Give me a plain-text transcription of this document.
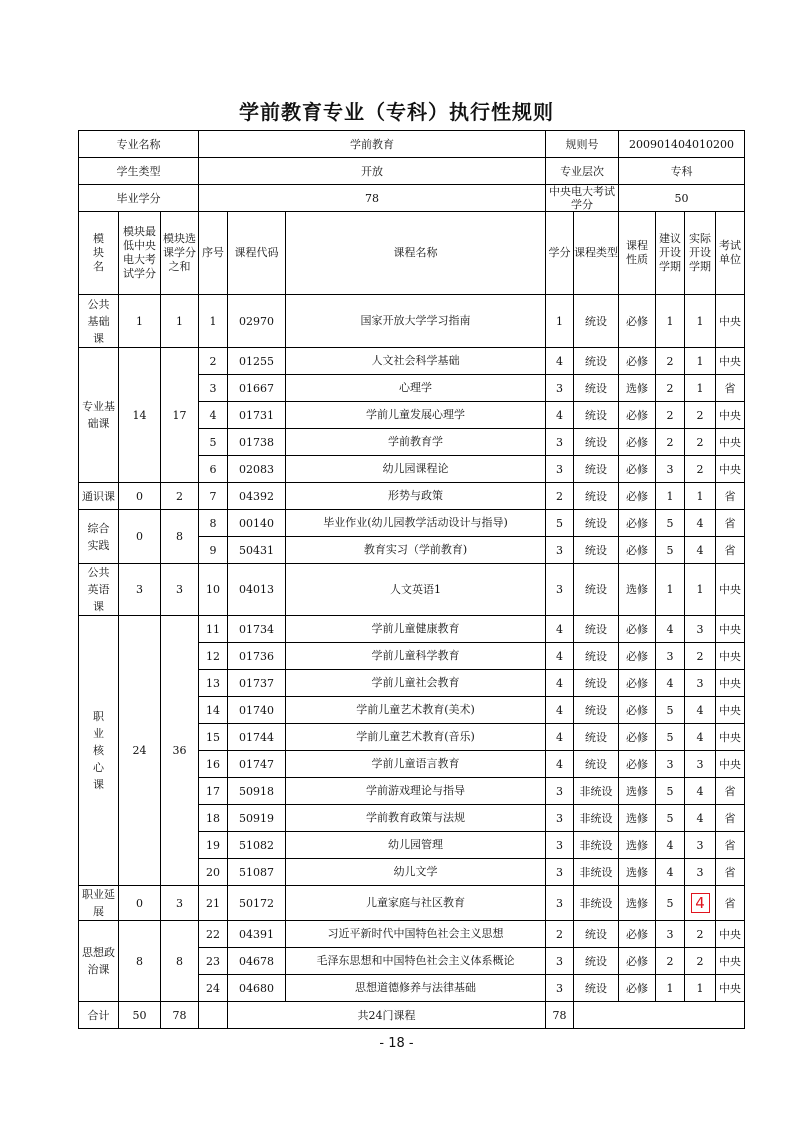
学前教育专业（专科）执行性规则
专业名称			学前教育			规则号		200901404010200			
学生类型			开放			专业层次		专科			
毕业学分			78			中央电大考试学分		50			
模块名	模块最低中央电大考试学分	模块选课学分之和	序号	课程代码	课程名称	学分	课程类型	课程性质	建议开设学期	实际开设学期	考试单位
公共基础课	1	1	1	02970	国家开放大学学习指南	1	统设	必修	1	1	中央
专业基础课	14	17	2	01255	人文社会科学基础	4	统设	必修	2	1	中央
			3	01667	心理学	3	统设	选修	2	1	省
			4	01731	学前儿童发展心理学	4	统设	必修	2	2	中央
			5	01738	学前教育学	3	统设	必修	2	2	中央
			6	02083	幼儿园课程论	3	统设	必修	3	2	中央
通识课	0	2	7	04392	形势与政策	2	统设	必修	1	1	省
综合实践	0	8	8	00140	毕业作业(幼儿园教学活动设计与指导)	5	统设	必修	5	4	省
			9	50431	教育实习（学前教育)	3	统设	必修	5	4	省
公共英语课	3	3	10	04013	人文英语1	3	统设	选修	1	1	中央
职业核心课	24	36	11	01734	学前儿童健康教育	4	统设	必修	4	3	中央
			12	01736	学前儿童科学教育	4	统设	必修	3	2	中央
			13	01737	学前儿童社会教育	4	统设	必修	4	3	中央
			14	01740	学前儿童艺术教育(美术)	4	统设	必修	5	4	中央
			15	01744	学前儿童艺术教育(音乐)	4	统设	必修	5	4	中央
			16	01747	学前儿童语言教育	4	统设	必修	3	3	中央
			17	50918	学前游戏理论与指导	3	非统设	选修	5	4	省
			18	50919	学前教育政策与法规	3	非统设	选修	5	4	省
			19	51082	幼儿园管理	3	非统设	选修	4	3	省
			20	51087	幼儿文学	3	非统设	选修	4	3	省
职业延展	0	3	21	50172	儿童家庭与社区教育	3	非统设	选修	5	4	省
思想政治课	8	8	22	04391	习近平新时代中国特色社会主义思想	2	统设	必修	3	2	中央
			23	04678	毛泽东思想和中国特色社会主义体系概论	3	统设	必修	2	2	中央
			24	04680	思想道德修养与法律基础	3	统设	必修	1	1	中央
合计	50	78		共24门课程		78					
- 18 -
